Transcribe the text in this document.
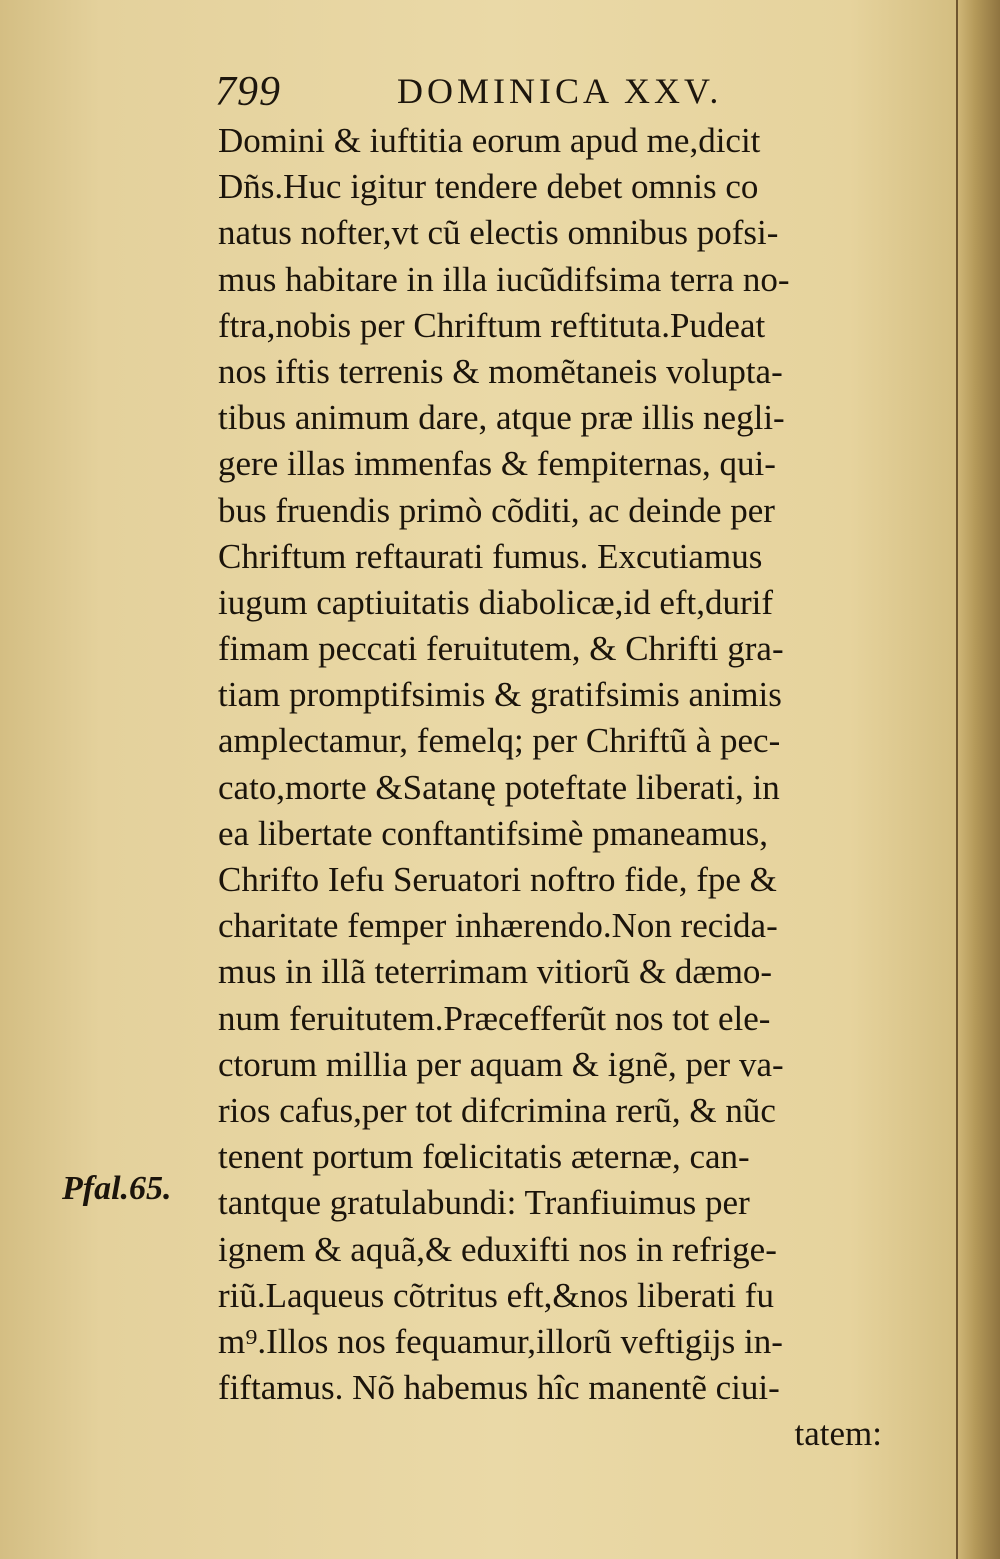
799	DOMINICA XXV.
Domini & iuftitia eorum apud me,dicit
Dñs.Huc igitur tendere debet omnis co
natus nofter,vt cũ electis omnibus pofsi-
mus habitare in illa iucũdifsima terra no-
ftra,nobis per Chriftum reftituta.Pudeat
nos iftis terrenis & momẽtaneis volupta-
tibus animum dare, atque præ illis negli-
gere illas immenfas & fempiternas, qui-
bus fruendis primò cõditi, ac deinde per
Chriftum reftaurati fumus. Excutiamus
iugum captiuitatis diabolicæ,id eft,durif
fimam peccati feruitutem, & Chrifti gra-
tiam promptifsimis & gratifsimis animis
amplectamur, femelq; per Chriftũ à pec-
cato,morte &Satanę poteftate liberati, in
ea libertate conftantifsimè pmaneamus,
Chrifto Iefu Seruatori noftro fide, fpe &
charitate femper inhærendo.Non recida-
mus in illã teterrimam vitiorũ & dæmo-
num feruitutem.Præcefferũt nos tot ele-
ctorum millia per aquam & ignẽ, per va-
rios cafus,per tot difcrimina rerũ, & nũc
tenent portum fœlicitatis æternæ, can-
tantque gratulabundi: Tranfiuimus per
ignem & aquã,& eduxifti nos in refrige-
riũ.Laqueus cõtritus eft,&nos liberati fu
m⁹.Illos nos fequamur,illorũ veftigijs in-
fiftamus. Nõ habemus hîc manentẽ ciui-
tatem:
Pfal.65.
